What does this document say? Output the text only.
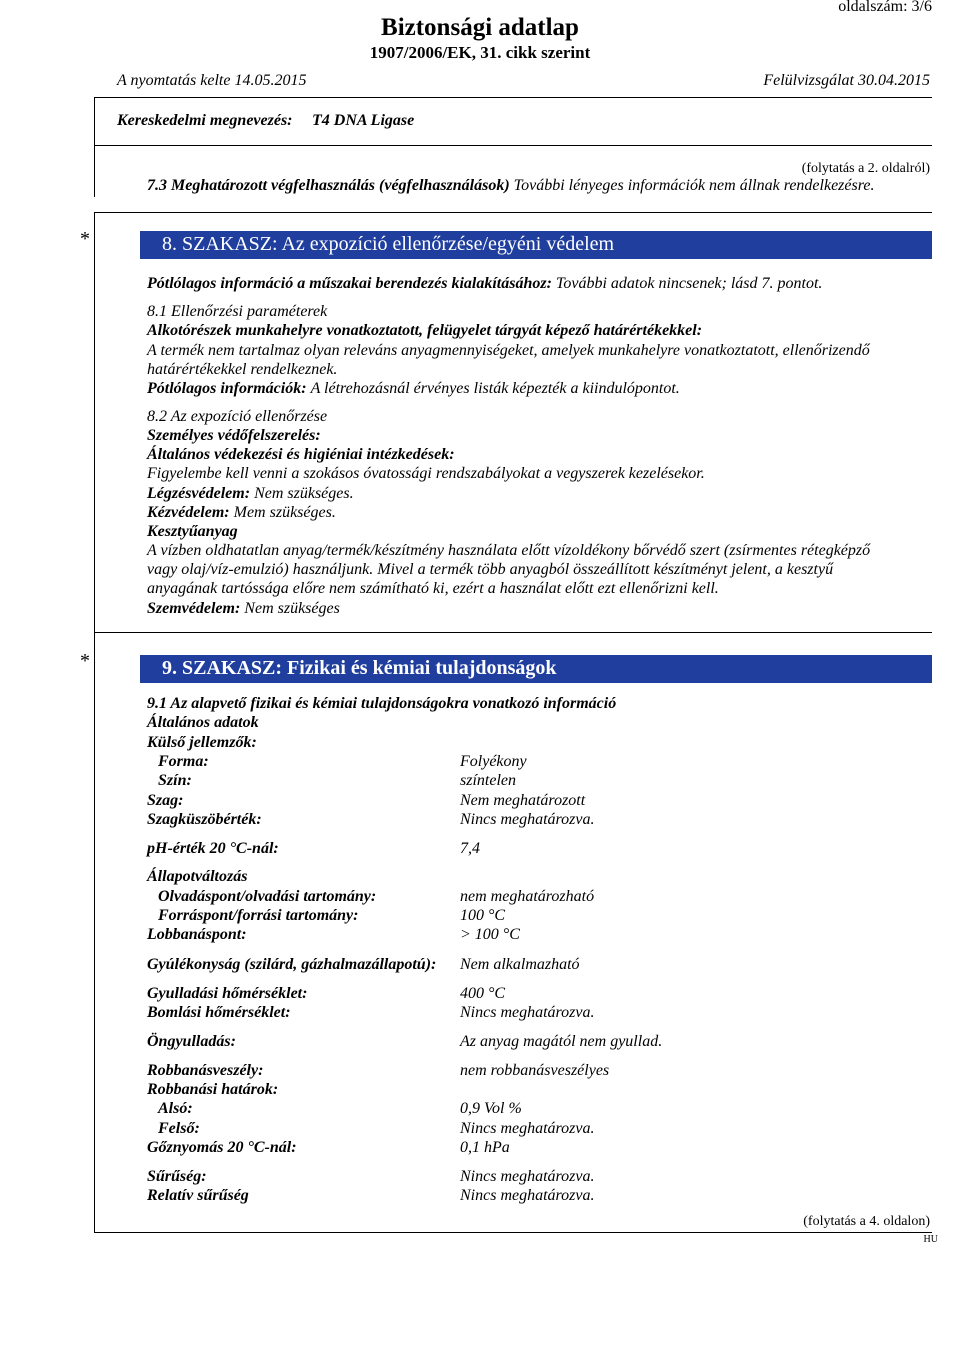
oldalszám: 3/6
Biztonsági adatlap
1907/2006/EK, 31. cikk szerint
A nyomtatás kelte 14.05.2015	Felülvizsgálat 30.04.2015
Kereskedelmi megnevezés: T4 DNA Ligase
(folytatás a 2. oldalról)
7.3 Meghatározott végfelhasználás (végfelhasználások) További lényeges információk nem állnak rendelkezésre.
*	8. SZAKASZ: Az expozíció ellenőrzése/egyéni védelem
Pótlólagos információ a műszakai berendezés kialakításához: További adatok nincsenek; lásd 7. pontot.
8.1 Ellenőrzési paraméterek
Alkotórészek munkahelyre vonatkoztatott, felügyelet tárgyát képező határértékekkel:
A termék nem tartalmaz olyan releváns anyagmennyiségeket, amelyek munkahelyre vonatkoztatott, ellenőrizendő
határértékekkel rendelkeznek.
Pótlólagos információk: A létrehozásnál érvényes listák képezték a kiindulópontot.
8.2 Az expozíció ellenőrzése
Személyes védőfelszerelés:
Általános védekezési és higiéniai intézkedések:
Figyelembe kell venni a szokásos óvatossági rendszabályokat a vegyszerek kezelésekor.
Légzésvédelem: Nem szükséges.
Kézvédelem: Mem szükséges.
Kesztyűanyag
A vízben oldhatatlan anyag/termék/készítmény használata előtt vízoldékony bőrvédő szert (zsírmentes rétegképző
vagy olaj/víz-emulzió) használjunk. Mivel a termék több anyagból összeállított készítményt jelent, a kesztyű
anyagának tartóssága előre nem számítható ki, ezért a használat előtt ezt ellenőrizni kell.
Szemvédelem: Nem szükséges
*	9. SZAKASZ: Fizikai és kémiai tulajdonságok
9.1 Az alapvető fizikai és kémiai tulajdonságokra vonatkozó információ
Általános adatok
Külső jellemzők:
Forma:	Folyékony
Szín:	színtelen
Szag:	Nem meghatározott
Szagküszöbérték:	Nincs meghatározva.
pH-érték 20 °C-nál:	7,4
Állapotváltozás
Olvadáspont/olvadási tartomány:	nem meghatározható
Forráspont/forrási tartomány:	100 °C
Lobbanáspont:	> 100 °C
Gyúlékonyság (szilárd, gázhalmazállapotú): Nem alkalmazható
Gyulladási hőmérséklet:	400 °C
Bomlási hőmérséklet:	Nincs meghatározva.
Öngyulladás:	Az anyag magától nem gyullad.
Robbanásveszély:	nem robbanásveszélyes
Robbanási határok:
Alsó:	0,9 Vol %
Felső:	Nincs meghatározva.
Gőznyomás 20 °C-nál:	0,1 hPa
Sűrűség:	Nincs meghatározva.
Relatív sűrűség	Nincs meghatározva.
(folytatás a 4. oldalon)
HU
